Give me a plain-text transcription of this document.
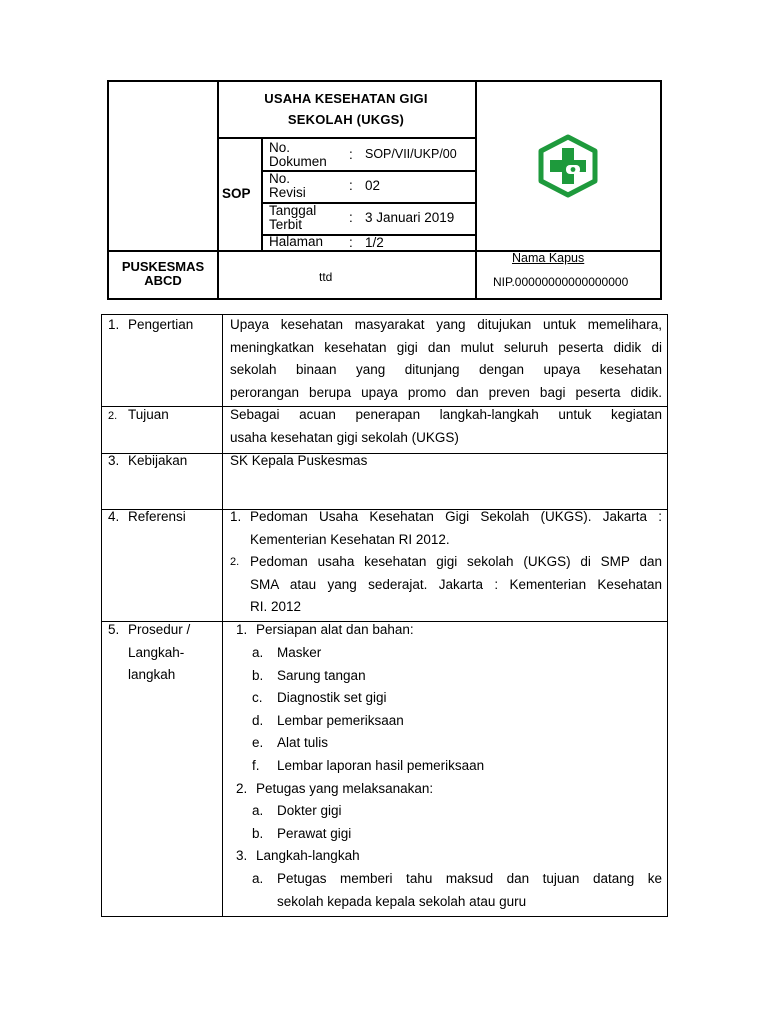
USAHA KESEHATAN GIGI
SEKOLAH (UKGS)
SOP
No.
Dokumen : SOP/VII/UKP/00
No.
Revisi	: 02
Tanggal
Terbit	: 3 Januari 2019
Halaman : 1/2
PUSKESMAS
ABCD	ttd
Nama Kapus
NIP.00000000000000000
1. Pengertian	Upaya kesehatan masyarakat yang ditujukan untuk memelihara,
meningkatkan kesehatan gigi dan mulut seluruh peserta didik di
sekolah binaan yang ditunjang dengan upaya kesehatan
perorangan berupa upaya promo dan preven bagi peserta didik.
2. Tujuan	Sebagai acuan penerapan langkah-langkah untuk kegiatan
usaha kesehatan gigi sekolah (UKGS)
3. Kebijakan	SK Kepala Puskesmas
4. Referensi	1. Pedoman Usaha Kesehatan Gigi Sekolah (UKGS). Jakarta :
Kementerian Kesehatan RI 2012.
2. Pedoman usaha kesehatan gigi sekolah (UKGS) di SMP dan
SMA atau yang sederajat. Jakarta : Kementerian Kesehatan
RI. 2012
5. Prosedur /
Langkah-
langkah
1. Persiapan alat dan bahan:
a. Masker
b. Sarung tangan
c. Diagnostik set gigi
d. Lembar pemeriksaan
e. Alat tulis
f. Lembar laporan hasil pemeriksaan
2. Petugas yang melaksanakan:
a. Dokter gigi
b. Perawat gigi
3. Langkah-langkah
a.	Petugas memberi tahu maksud dan tujuan datang ke
sekolah kepada kepala sekolah atau guru
